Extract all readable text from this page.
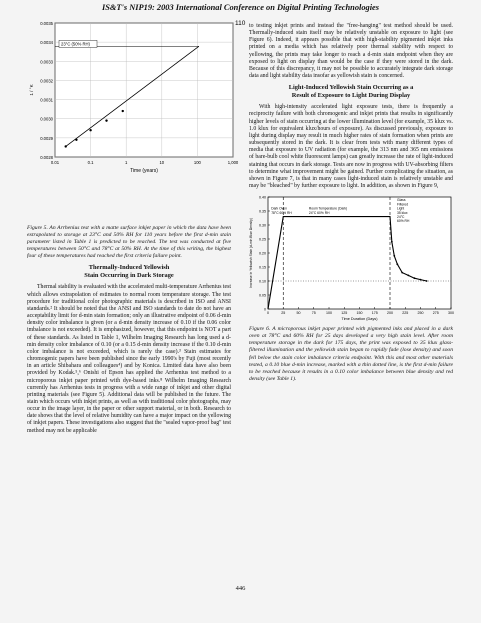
IS&T's NIP19: 2003 International Conference on Digital Printing Technologies
0.0035
0.0034
0.0033
0.0032
0.0031
0.0030
0.0029
0.0028
0.01	0.1	1	10	100	1,000
Time (years)
1 / °K
23°C (50% RH)
110
Figure 5. An Arrhenius test with a matte surface inkjet paper in which the data have been extrapolated to storage at 23°C and 50% RH for 110 years before the first d-min stain parameter listed in Table 1 is predicted to be reached. The test was conducted at five temperatures between 50°C and 78°C at 50% RH. At the time of this writing, the highest four of these temperatures had reached the first criteria failure point.
Thermally-Induced Yellowish
Stain Occurring in Dark Storage

Thermal stability is evaluated with the accelerated multi-temperature Arrhenius test which allows extrapolation of estimates to normal room temperature storage. The test procedure for traditional color photographic materials is described in ISO and ANSI standards.² It should be noted that the ANSI and ISO standards to date do not have an acceptability limit for d-min stain formation; only an illustrative endpoint of 0.06 d-min density color imbalance is given (or a d-min density increase of 0.10 if the 0.06 color imbalance is not exceeded). It is emphasized, however, that this endpoint is NOT a part of these standards. As listed in Table 1, Wilhelm Imaging Research has long used a d-min density color imbalance of 0.10 (or a 0.15 d-min density increase if the 0.10 d-min color imbalance is not exceeded, which is rarely the case).³ Stain estimates for chromogenic papers have been published since the early 1990's by Fuji (most recently in an article Shibahara and colleagues⁴) and by Konica. Limited data have also been provided by Kodak.⁵,⁶ Onishi of Epson has applied the Arrhenius test method to a microporous inkjet paper printed with dye-based inks.⁸ Wilhelm Imaging Research currently has Arrhenius tests in progress with a wide range of inkjet and other digital printing materials (see Figure 5). Additional data will be published in the future. The stain which occurs with inkjet prints, as well as with traditional color photographs, may occur in the image layer, in the paper or other support material, or in both. Research to date shows that the level of relative humidity can have a major impact on the yellowing of inkjet papers. These investigations also suggest that the "sealed vapor-proof bag" test method may not be applicable

to testing inkjet prints and instead the "free-hanging" test method should be used. Thermally-induced stain itself may be relatively unstable on exposure to light (see Figure 6). Indeed, it appears possible that with high-stability pigmented inkjet inks printed on a media which has relatively poor thermal stability with respect to yellowing, the prints may take longer to reach a d-min stain endpoint when they are exposed to light on display than would be the case if they were stored in the dark. Because of this discrepancy, it may not be possible to accurately integrate dark storage data and light stability data insofar as yellowish stain is concerned.

Light-Induced Yellowish Stain Occurring as a
Result of Exposure to Light During Display

With high-intensity accelerated light exposure tests, there is frequently a reciprocity failure with both chromogenic and inkjet prints that results in significantly higher levels of stain occurring at the lower illumination level (for example, 35 klux vs. 1.0 klux for equivalent klux/hours of exposure). As discussed previously, exposure to light during display may result in much higher rates of stain formation when prints are subsequently stored in the dark. It is clear from tests with many different types of media that exposure to UV radiation (for example, the 313 nm and 365 nm emissions of bare-bulb cool white fluorescent lamps) can greatly increase the rate of light-induced staining that occurs in dark storage. Tests are now in progress with UV-absorbing filters to determine what improvement might be gained. Further complicating the situation, as shown in Figure 7, is that in many cases light-induced stain is relatively unstable and may be "bleached" by further exposure to light. In addition, as shown in Figure 9,

0.40
0.35
0.30
0.25
0.20
0.15
0.10
0.05
0
0	25	50	75	100	125	150	175	200	225	250	275	300
Time Duration (Days)
Increase in Yellowish Stain (d-min Blue Density)
Dark Oven
78°C 60% RH
Room Temperature (Dark)
24°C 60% RH
Glass
Filtered
Light
35 klux
24°C
60% RH
Figure 6. A microporous inkjet paper printed with pigmented inks and placed in a dark oven at 78°C and 60% RH for 25 days developed a very high stain level. After room temperature storage in the dark for 175 days, the print was exposed to 35 klux glass-filtered illumination and the yellowish stain began to rapidly fade (lose density) and soon fell below the stain color imbalance criteria endpoint. With this and most other materials tested, a 0.10 blue d-min increase, marked with a thin dotted line, is the first d-min failure to be reached because it results in a 0.10 color imbalance between blue density and red density (see Table 1).
446
